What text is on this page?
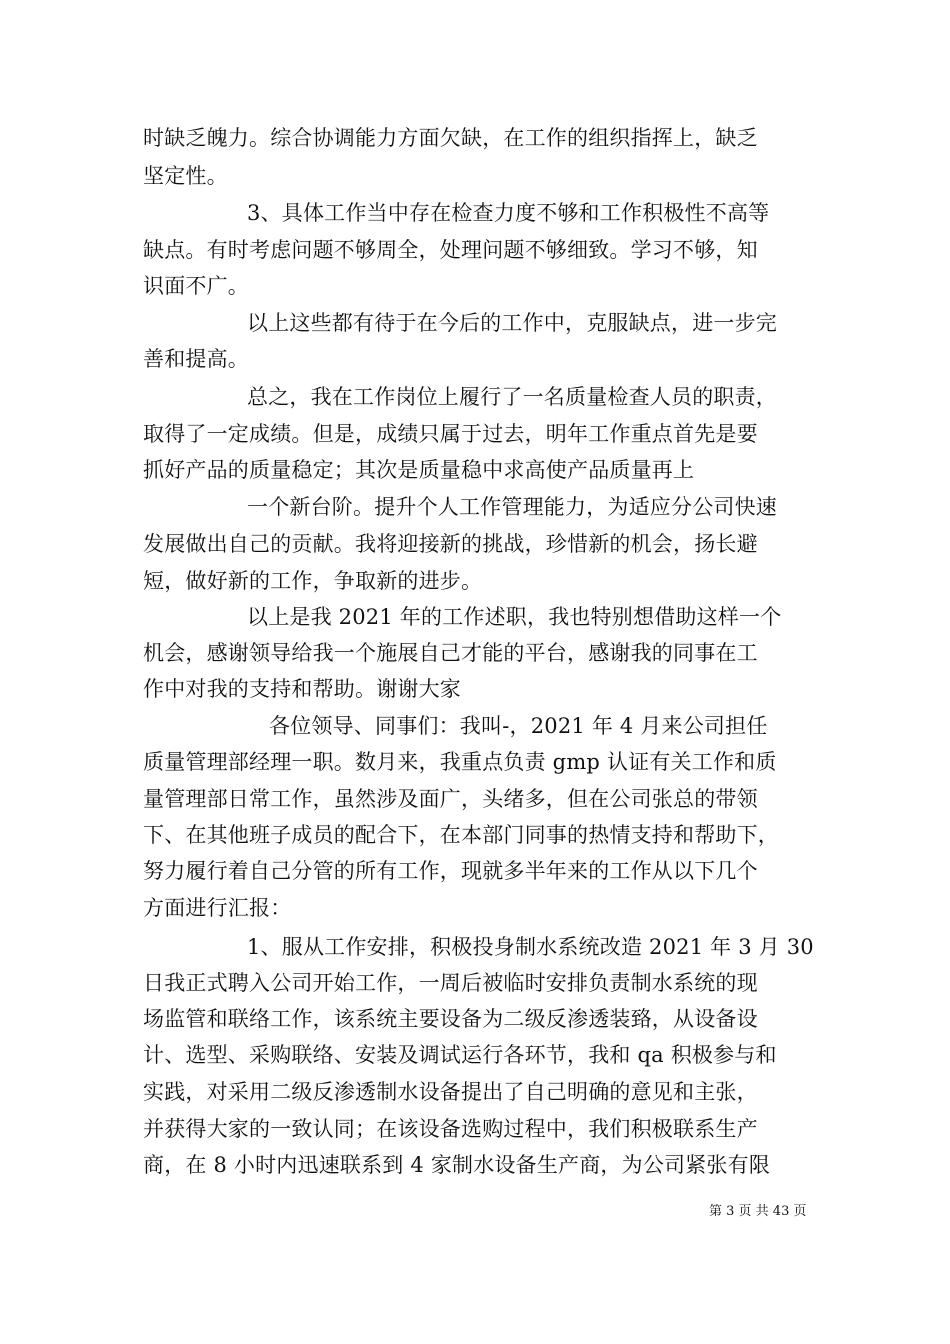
时缺乏魄力。综合协调能力方面欠缺，在工作的组织指挥上，缺乏
坚定性。
3、具体工作当中存在检查力度不够和工作积极性不高等
缺点。有时考虑问题不够周全，处理问题不够细致。学习不够，知
识面不广。
以上这些都有待于在今后的工作中，克服缺点，进一步完
善和提高。
总之，我在工作岗位上履行了一名质量检查人员的职责，
取得了一定成绩。但是，成绩只属于过去，明年工作重点首先是要
抓好产品的质量稳定；其次是质量稳中求高使产品质量再上
一个新台阶。提升个人工作管理能力，为适应分公司快速
发展做出自己的贡献。我将迎接新的挑战，珍惜新的机会，扬长避
短，做好新的工作，争取新的进步。
以上是我 2021 年的工作述职，我也特别想借助这样一个
机会，感谢领导给我一个施展自己才能的平台，感谢我的同事在工
作中对我的支持和帮助。谢谢大家
各位领导、同事们：我叫-，2021 年 4 月来公司担任
质量管理部经理一职。数月来，我重点负责 gmp 认证有关工作和质
量管理部日常工作，虽然涉及面广，头绪多，但在公司张总的带领
下、在其他班子成员的配合下，在本部门同事的热情支持和帮助下，
努力履行着自己分管的所有工作，现就多半年来的工作从以下几个
方面进行汇报：
1、服从工作安排，积极投身制水系统改造 2021 年 3 月 30
日我正式聘入公司开始工作，一周后被临时安排负责制水系统的现
场监管和联络工作，该系统主要设备为二级反渗透装臵，从设备设
计、选型、采购联络、安装及调试运行各环节，我和 qa 积极参与和
实践，对采用二级反渗透制水设备提出了自己明确的意见和主张，
并获得大家的一致认同；在该设备选购过程中，我们积极联系生产
商，在 8 小时内迅速联系到 4 家制水设备生产商，为公司紧张有限
第 3 页 共 43 页
